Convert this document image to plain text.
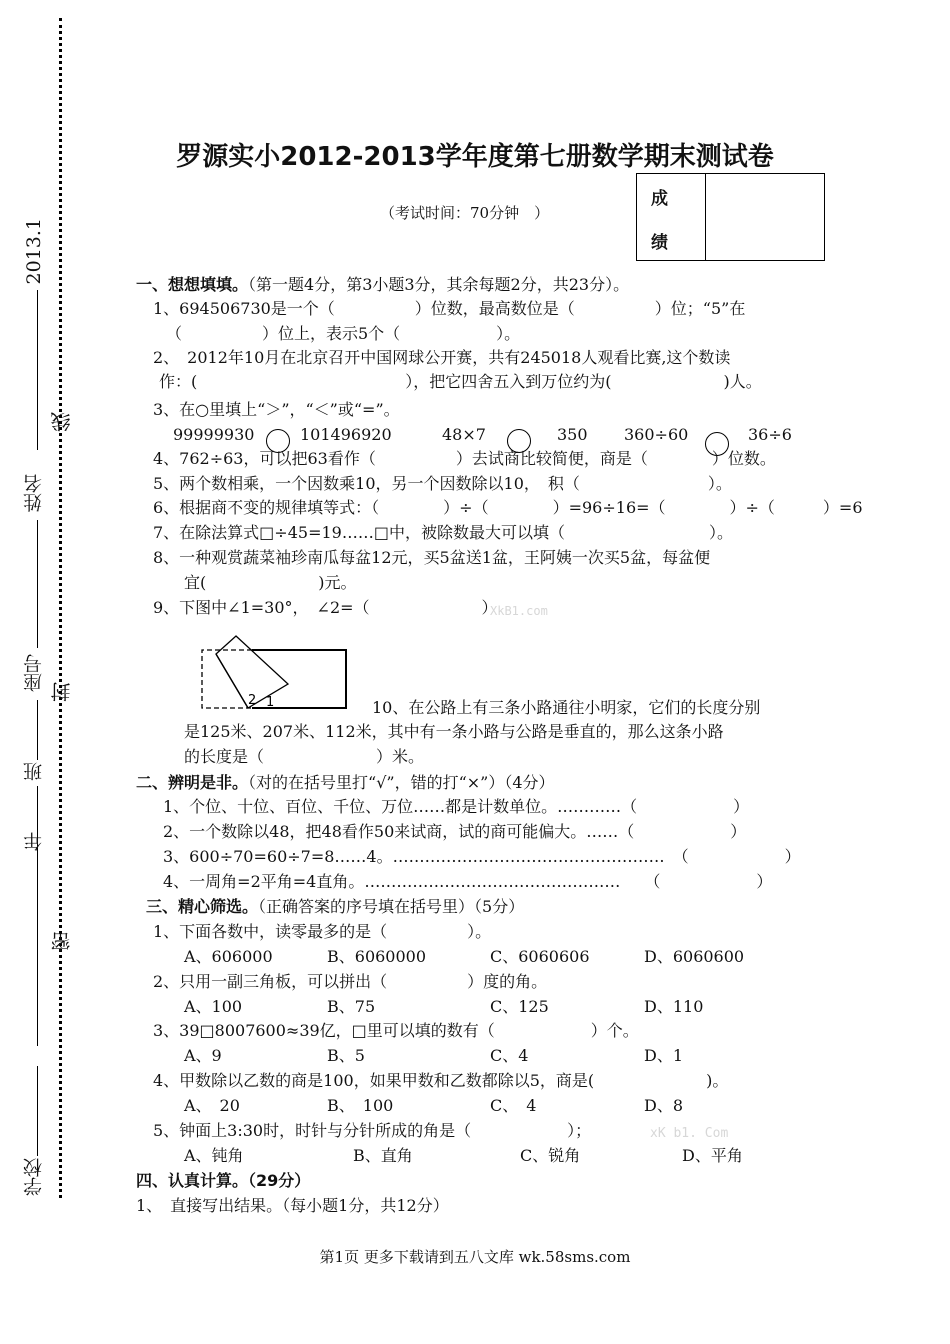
2013.1
线
姓名
座号 封
班
年
密
学校
罗源实小2012-2013学年度第七册数学期末测试卷
（考试时间：70分钟　）
成
绩
一、想想填填。（第一题4分，第3小题3分，其余每题2分，共23分）。
1、694506730是一个（　　　　　）位数，最高数位是（　　　　　）位；“5”在
（　　　　　）位上，表示5个（　　　　　　）。
2、　2012年10月在北京召开中国网球公开赛，共有245018人观看比赛,这个数读
作：(　　　　　　　　　　　　　），把它四舍五入到万位约为(　　　　　　　)人。
3、在○里填上“＞”，“＜”或“=”。
99999930	101496920	48×7	350 360÷60	36÷6
4、762÷63，可以把63看作（　　　　　）去试商比较简便，商是（　　　　）位数。
5、两个数相乘，一个因数乘10，另一个因数除以10，　积（　　　　　　　　）。
6、根据商不变的规律填等式：（　　　　）÷（　　　　）=96÷16=（　　　　）÷（　　　）=6
7、在除法算式□÷45=19……□中，被除数最大可以填（　　　　　　　　　）。
8、一种观赏蔬菜袖珍南瓜每盆12元，买5盆送1盆，王阿姨一次买5盆，每盆便
宜(　　　　　　　)元。
9、下图中∠1=30°，　∠2=（　　　　　　　）
XkB1.com
2 1	10、在公路上有三条小路通往小明家，它们的长度分别
是125米、207米、112米，其中有一条小路与公路是垂直的，那么这条小路
的长度是（　　　　　　　）米。
二、辨明是非。（对的在括号里打“√”，错的打“×”）（4分）
1、个位、十位、百位、千位、万位……都是计数单位。…………（　　　　　　）
2、一个数除以48，把48看作50来试商，试的商可能偏大。……（　　　　　　）
3、600÷70=60÷7=8……4。……………………………………………　（　　　　　　）
4、一周角=2平角=4直角。…………………………………………　　（　　　　　　）
三、精心筛选。（正确答案的序号填在括号里）（5分）
1、下面各数中，读零最多的是（　　　　　）。
A、606000	B、6060000	C、6060606	D、6060600
2、只用一副三角板，可以拼出（　　　　　）度的角。
A、100	B、75	C、125	D、110
3、39□8007600≈39亿，□里可以填的数有（　　　　　　）个。
A、9	B、5	C、4	D、1
4、甲数除以乙数的商是100，如果甲数和乙数都除以5，商是(　　　　　　　)。
A、　20	B、　100	C、　4	D、8
5、钟面上3:30时，时针与分针所成的角是（　　　　　　）；	xK b1. Com
A、钝角	B、直角	C、锐角	D、平角
四、认真计算。（29分）
1、　直接写出结果。（每小题1分，共12分）
第1页 更多下载请到五八文库 wk.58sms.com
